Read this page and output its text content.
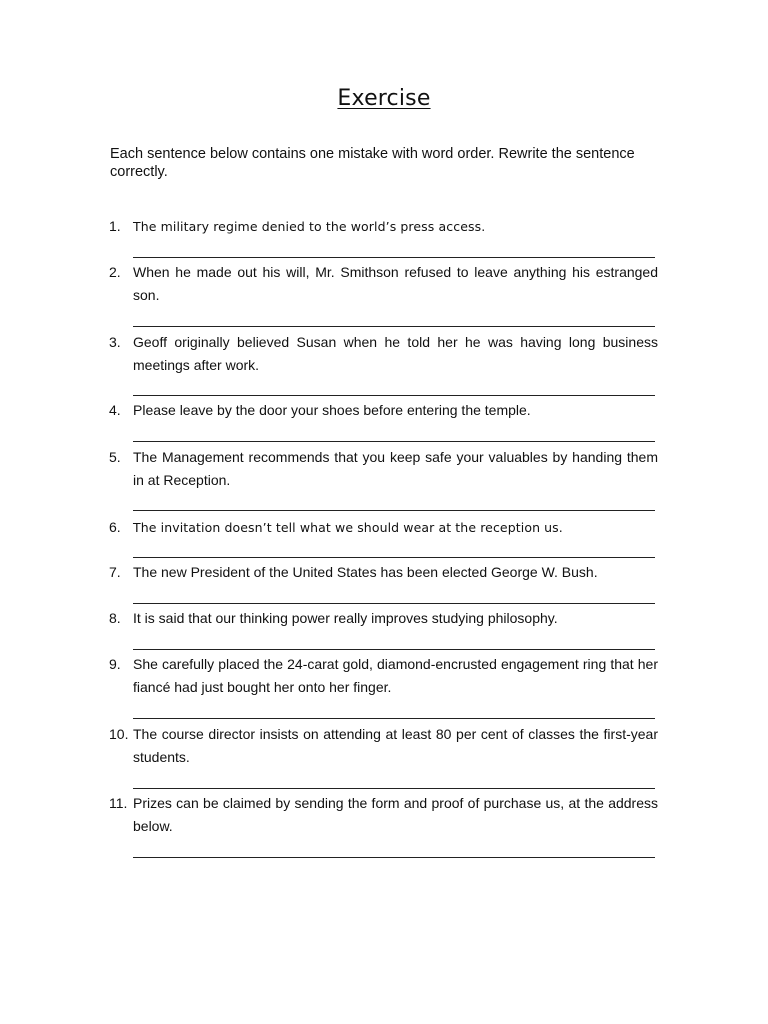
Exercise
Each sentence below contains one mistake with word order. Rewrite the sentence correctly.
1. The military regime denied to the world’s press access.
2. When he made out his will, Mr. Smithson refused to leave anything his estranged son.
3. Geoff originally believed Susan when he told her he was having long business meetings after work.
4. Please leave by the door your shoes before entering the temple.
5. The Management recommends that you keep safe your valuables by handing them in at Reception.
6. The invitation doesn’t tell what we should wear at the reception us.
7. The new President of the United States has been elected George W. Bush.
8. It is said that our thinking power really improves studying philosophy.
9. She carefully placed the 24-carat gold, diamond-encrusted engagement ring that her fiancé had just bought her onto her finger.
10. The course director insists on attending at least 80 per cent of classes the first-year students.
11. Prizes can be claimed by sending the form and proof of purchase us, at the address below.
